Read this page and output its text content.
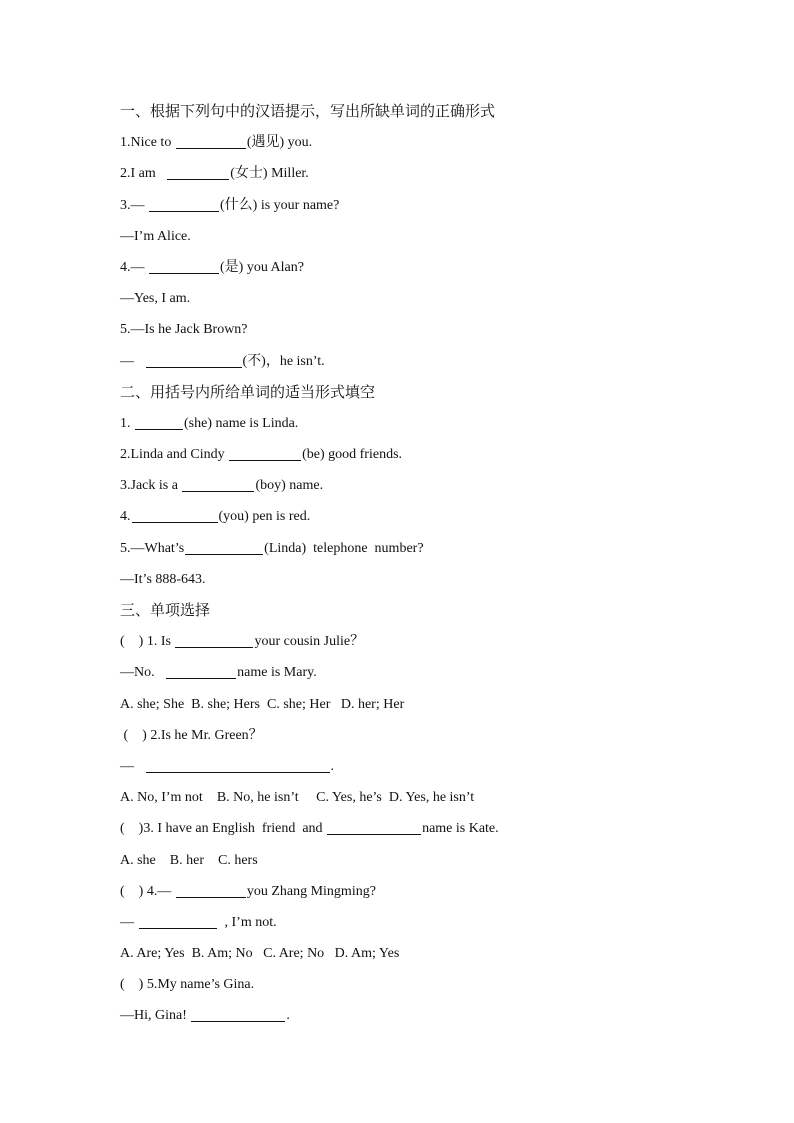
一、根据下列句中的汉语提示，写出所缺单词的正确形式
1.Nice to	(遇见) you.
2.I am	(女士) Miller.
3.—	(什么) is your name?
—I’m Alice.
4.—	(是) you Alan?
—Yes, I am.
5.—Is he Jack Brown?
—	(不)，he isn’t.
二、用括号内所给单词的适当形式填空
1.	(she) name is Linda.
2.Linda and Cindy	(be) good friends.
3.Jack is a	(boy) name.
4.	(you) pen is red.
5.—What’s	(Linda)  telephone  number?
—It’s 888-643.
三、单项选择
(    ) 1. Is	your cousin Julie？
—No.	name is Mary.
A. she; She  B. she; Hers  C. she; Her   D. her; Her
(    ) 2.Is he Mr. Green？
—	.
A. No, I’m not    B. No, he isn’t     C. Yes, he’s  D. Yes, he isn’t
(    )3. I have an English  friend  and	name is Kate.
A. she    B. her    C. hers
(    ) 4.—	you Zhang Mingming?
—	, I’m not.
A. Are; Yes  B. Am; No   C. Are; No   D. Am; Yes
(    ) 5.My name’s Gina.
—Hi, Gina!	.
